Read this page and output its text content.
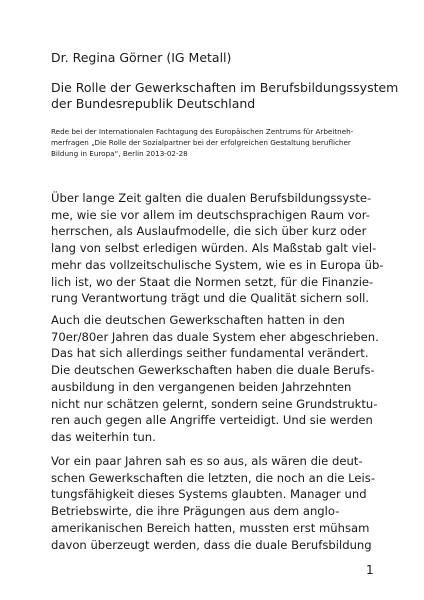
Dr. Regina Görner (IG Metall)
Die Rolle der Gewerkschaften im Berufsbildungssystem
der Bundesrepublik Deutschland
Rede bei der Internationalen Fachtagung des Europäischen Zentrums für Arbeitneh-
merfragen „Die Rolle der Sozialpartner bei der erfolgreichen Gestaltung beruflicher
Bildung in Europa“, Berlin 2013-02-28
Über lange Zeit galten die dualen Berufsbildungssyste-
me, wie sie vor allem im deutschsprachigen Raum vor-
herrschen, als Auslaufmodelle, die sich über kurz oder
lang von selbst erledigen würden. Als Maßstab galt viel-
mehr das vollzeitschulische System, wie es in Europa üb-
lich ist, wo der Staat die Normen setzt, für die Finanzie-
rung Verantwortung trägt und die Qualität sichern soll.
Auch die deutschen Gewerkschaften hatten in den
70er/80er Jahren das duale System eher abgeschrieben.
Das hat sich allerdings seither fundamental verändert.
Die deutschen Gewerkschaften haben die duale Berufs-
ausbildung in den vergangenen beiden Jahrzehnten
nicht nur schätzen gelernt, sondern seine Grundstruktu-
ren auch gegen alle Angriffe verteidigt. Und sie werden
das weiterhin tun.
Vor ein paar Jahren sah es so aus, als wären die deut-
schen Gewerkschaften die letzten, die noch an die Leis-
tungsfähigkeit dieses Systems glaubten. Manager und
Betriebswirte, die ihre Prägungen aus dem anglo-
amerikanischen Bereich hatten, mussten erst mühsam
davon überzeugt werden, dass die duale Berufsbildung
1
